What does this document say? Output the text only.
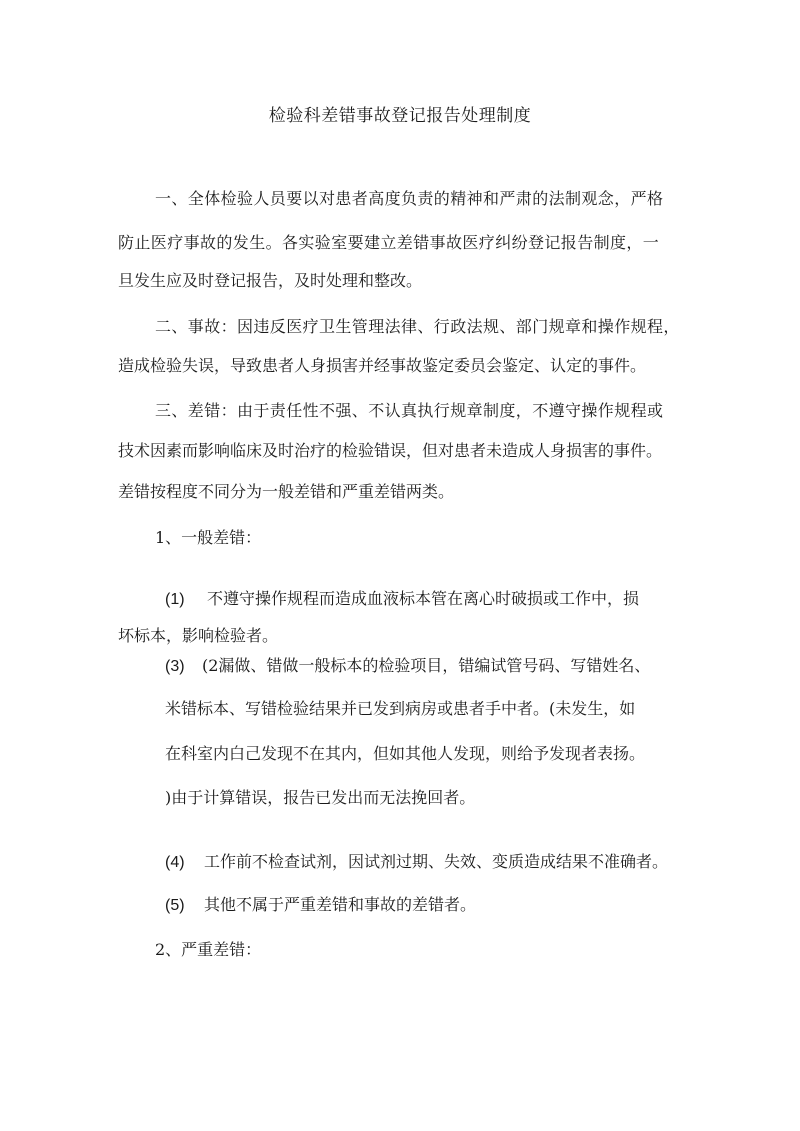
检验科差错事故登记报告处理制度
一、全体检验人员要以对患者高度负责的精神和严肃的法制观念，严格
防止医疗事故的发生。各实验室要建立差错事故医疗纠纷登记报告制度，一
旦发生应及时登记报告，及时处理和整改。
二、事故：因违反医疗卫生管理法律、行政法规、部门规章和操作规程，
造成检验失误，导致患者人身损害并经事故鉴定委员会鉴定、认定的事件。
三、差错：由于责任性不强、不认真执行规章制度，不遵守操作规程或
技术因素而影响临床及时治疗的检验错误，但对患者未造成人身损害的事件。
差错按程度不同分为一般差错和严重差错两类。
1、一般差错：
(1) 不遵守操作规程而造成血液标本管在离心时破损或工作中，损
坏标本，影响检验者。
(3) (2漏做、错做一般标本的检验项目，错编试管号码、写错姓名、
米错标本、写错检验结果并已发到病房或患者手中者。(未发生，如
在科室内白己发现不在其内，但如其他人发现，则给予发现者表扬。
)由于计算错误，报告已发出而无法挽回者。
(4) 工作前不检查试剂，因试剂过期、失效、变质造成结果不准确者。
(5) 其他不属于严重差错和事故的差错者。
2、严重差错：
